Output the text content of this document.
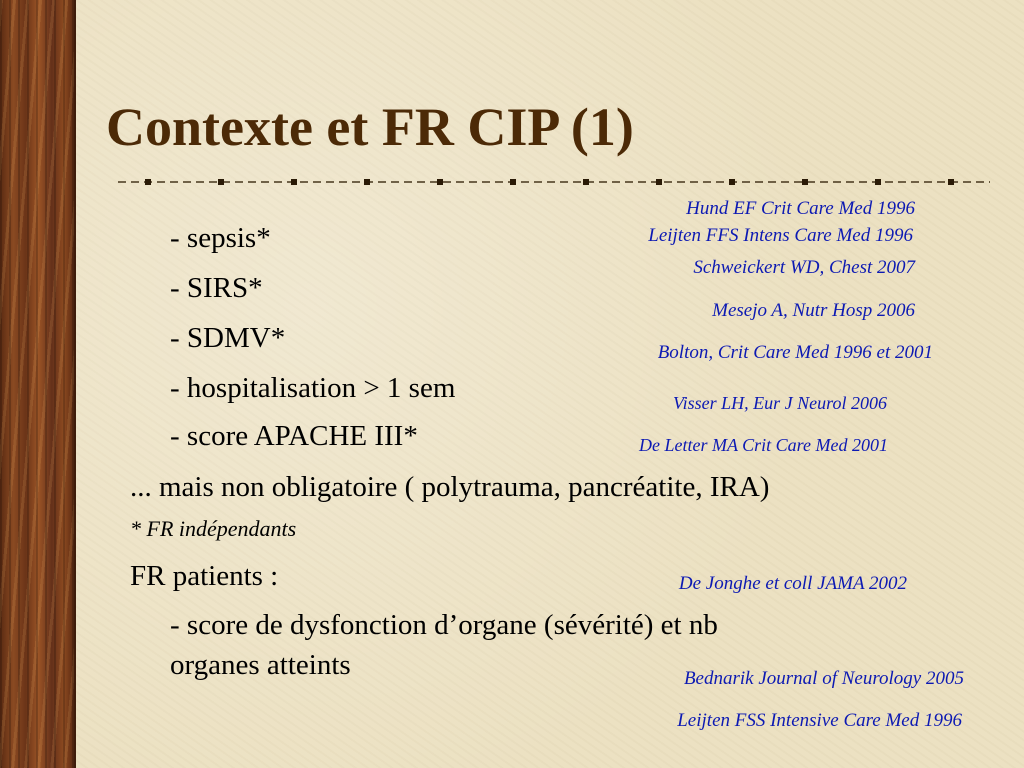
Contexte et FR CIP (1)

- sepsis*

- SIRS*

- SDMV*

- hospitalisation > 1 sem

- score APACHE III*

... mais non obligatoire ( polytrauma, pancréatite, IRA)

* FR indépendants

FR patients :

- score de dysfonction d’organe (sévérité) et nb

organes atteints

Hund EF Crit Care Med 1996

Leijten FFS Intens Care Med 1996

Schweickert WD, Chest 2007

Mesejo A, Nutr Hosp 2006

Bolton, Crit Care Med 1996 et 2001

Visser LH, Eur J Neurol 2006

De Letter MA Crit Care Med 2001

De Jonghe et coll JAMA 2002

Bednarik Journal of Neurology 2005

Leijten FSS Intensive Care Med 1996
